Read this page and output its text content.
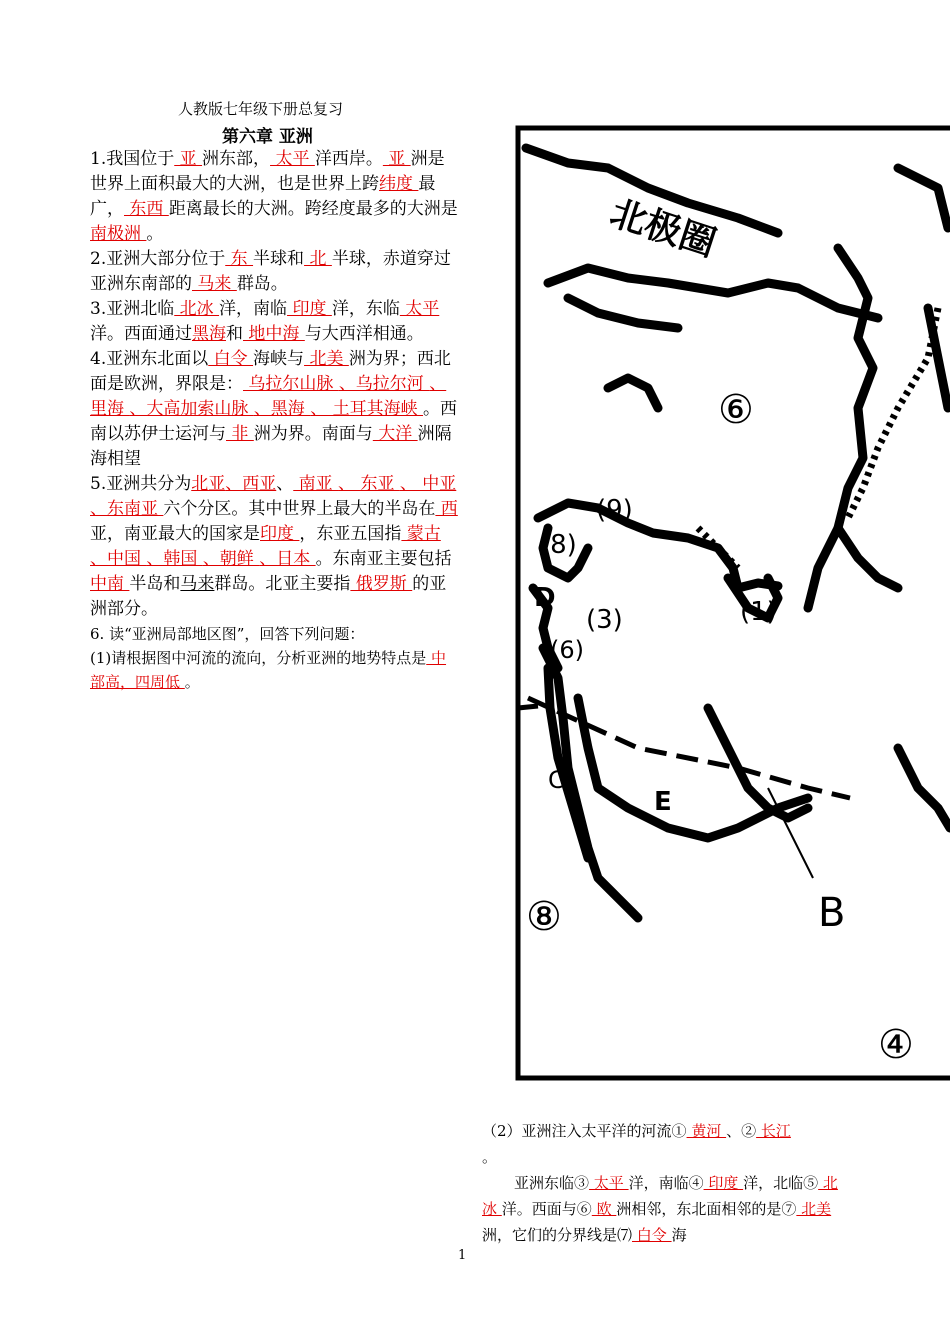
人教版七年级下册总复习
第六章 亚洲

1.我国位于 亚 洲东部， 太平 洋西岸。 亚 洲是世界上面积最大的大洲，也是世界上跨纬度 最广， 东西 距离最长的大洲。跨经度最多的大洲是 南极洲 。

2.亚洲大部分位于 东 半球和 北 半球，赤道穿过亚洲东南部的 马来 群岛。

3.亚洲北临 北冰 洋，南临 印度 洋，东临 太平 洋。西面通过黑海和 地中海 与大西洋相通。

4.亚洲东北面以 白令 海峡与 北美 洲为界；西北面是欧洲，界限是： 乌拉尔山脉 、乌拉尔河 、里海 、大高加索山脉 、黑海 、 土耳其海峡 。西南以苏伊士运河与 非 洲为界。南面与 大洋 洲隔海相望

5.亚洲共分为北亚、西亚、 南亚 、 东亚 、 中亚 、东南亚 六个分区。其中世界上最大的半岛在 西 亚，南亚最大的国家是印度 ，东亚五国指 蒙古 、中国 、韩国 、朝鲜 、日本 。东南亚主要包括中南 半岛和马来群岛。北亚主要指 俄罗斯 的亚洲部分。

6. 读“亚洲局部地区图”，回答下列问题：
(1)请根据图中河流的流向，分析亚洲的地势特点是 中部高，四周低 。

北极圈
⑥
(9)
(8)
D
(3)
(6)
(1)
C
E
B
⑧
④

（2）亚洲注入太平洋的河流① 黄河 、② 长江
。

亚洲东临③ 太平 洋，南临④ 印度 洋，北临⑤ 北冰 洋。西面与⑥ 欧 洲相邻，东北面相邻的是⑦ 北美 洲，它们的分界线是⑺ 白令 海

1
